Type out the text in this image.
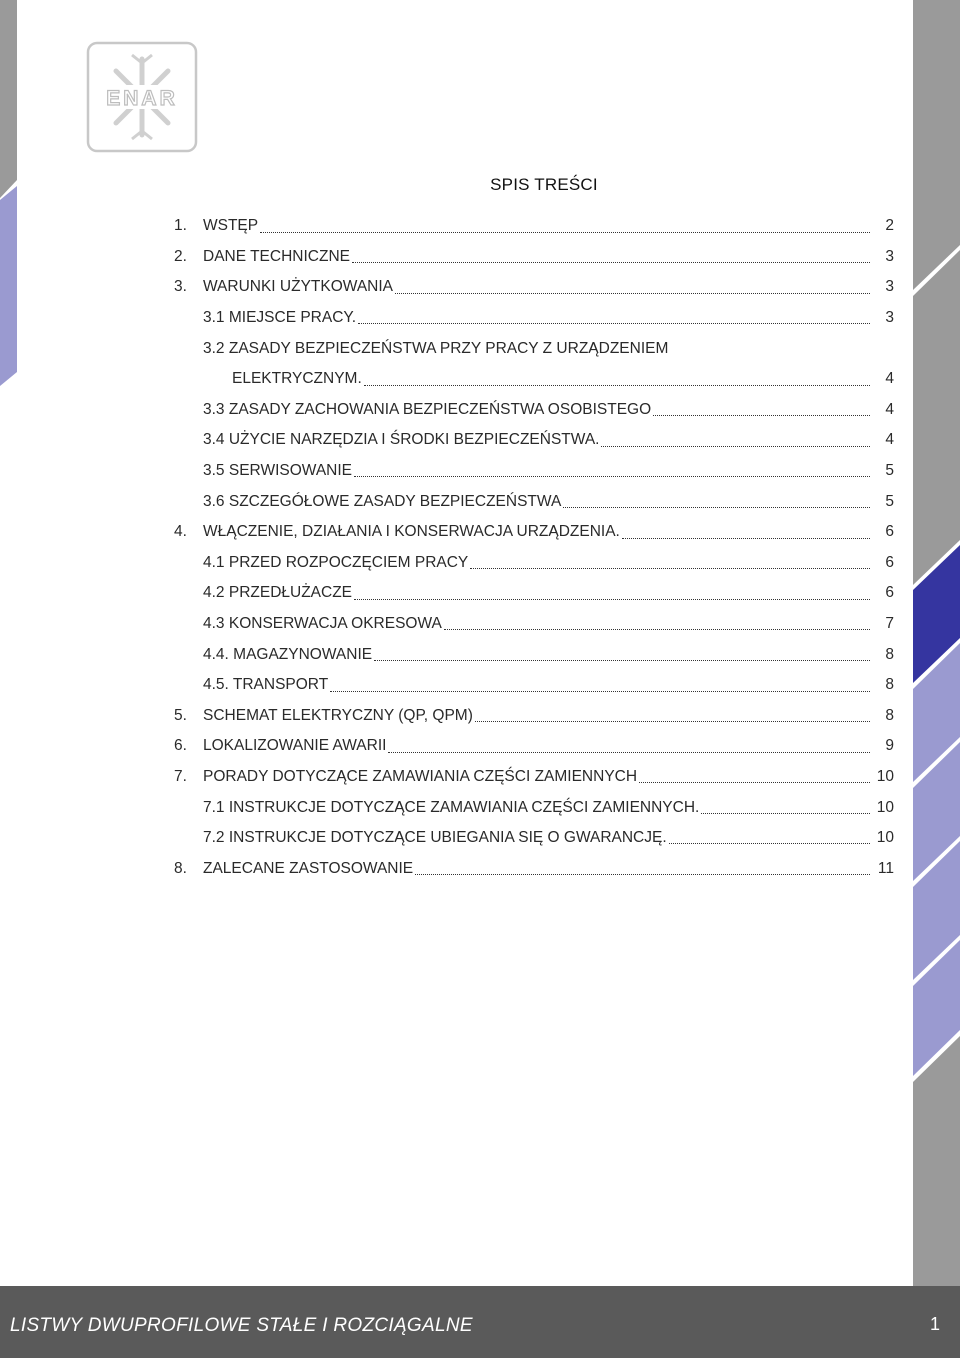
ENAR
SPIS TREŚCI
1.	WSTĘP	2
2.	DANE TECHNICZNE	3
3.	WARUNKI UŻYTKOWANIA	3
3.1 MIEJSCE PRACY.	3
3.2 ZASADY BEZPIECZEŃSTWA PRZY PRACY Z URZĄDZENIEM
ELEKTRYCZNYM.	4
3.3 ZASADY ZACHOWANIA BEZPIECZEŃSTWA OSOBISTEGO	4
3.4 UŻYCIE NARZĘDZIA I ŚRODKI BEZPIECZEŃSTWA.	4
3.5 SERWISOWANIE	5
3.6 SZCZEGÓŁOWE ZASADY BEZPIECZEŃSTWA	5
4.	WŁĄCZENIE, DZIAŁANIA I KONSERWACJA URZĄDZENIA.	6
4.1 PRZED ROZPOCZĘCIEM PRACY	6
4.2 PRZEDŁUŻACZE	6
4.3 KONSERWACJA OKRESOWA	7
4.4. MAGAZYNOWANIE	8
4.5. TRANSPORT	8
5.	SCHEMAT ELEKTRYCZNY (QP, QPM)	8
6.	LOKALIZOWANIE AWARII	9
7.	PORADY DOTYCZĄCE ZAMAWIANIA CZĘŚCI ZAMIENNYCH	10
7.1 INSTRUKCJE DOTYCZĄCE ZAMAWIANIA CZĘŚCI ZAMIENNYCH.	10
7.2 INSTRUKCJE DOTYCZĄCE UBIEGANIA SIĘ O GWARANCJĘ.	10
8.	ZALECANE ZASTOSOWANIE	11
LISTWY DWUPROFILOWE STAŁE I ROZCIĄGALNE	1
